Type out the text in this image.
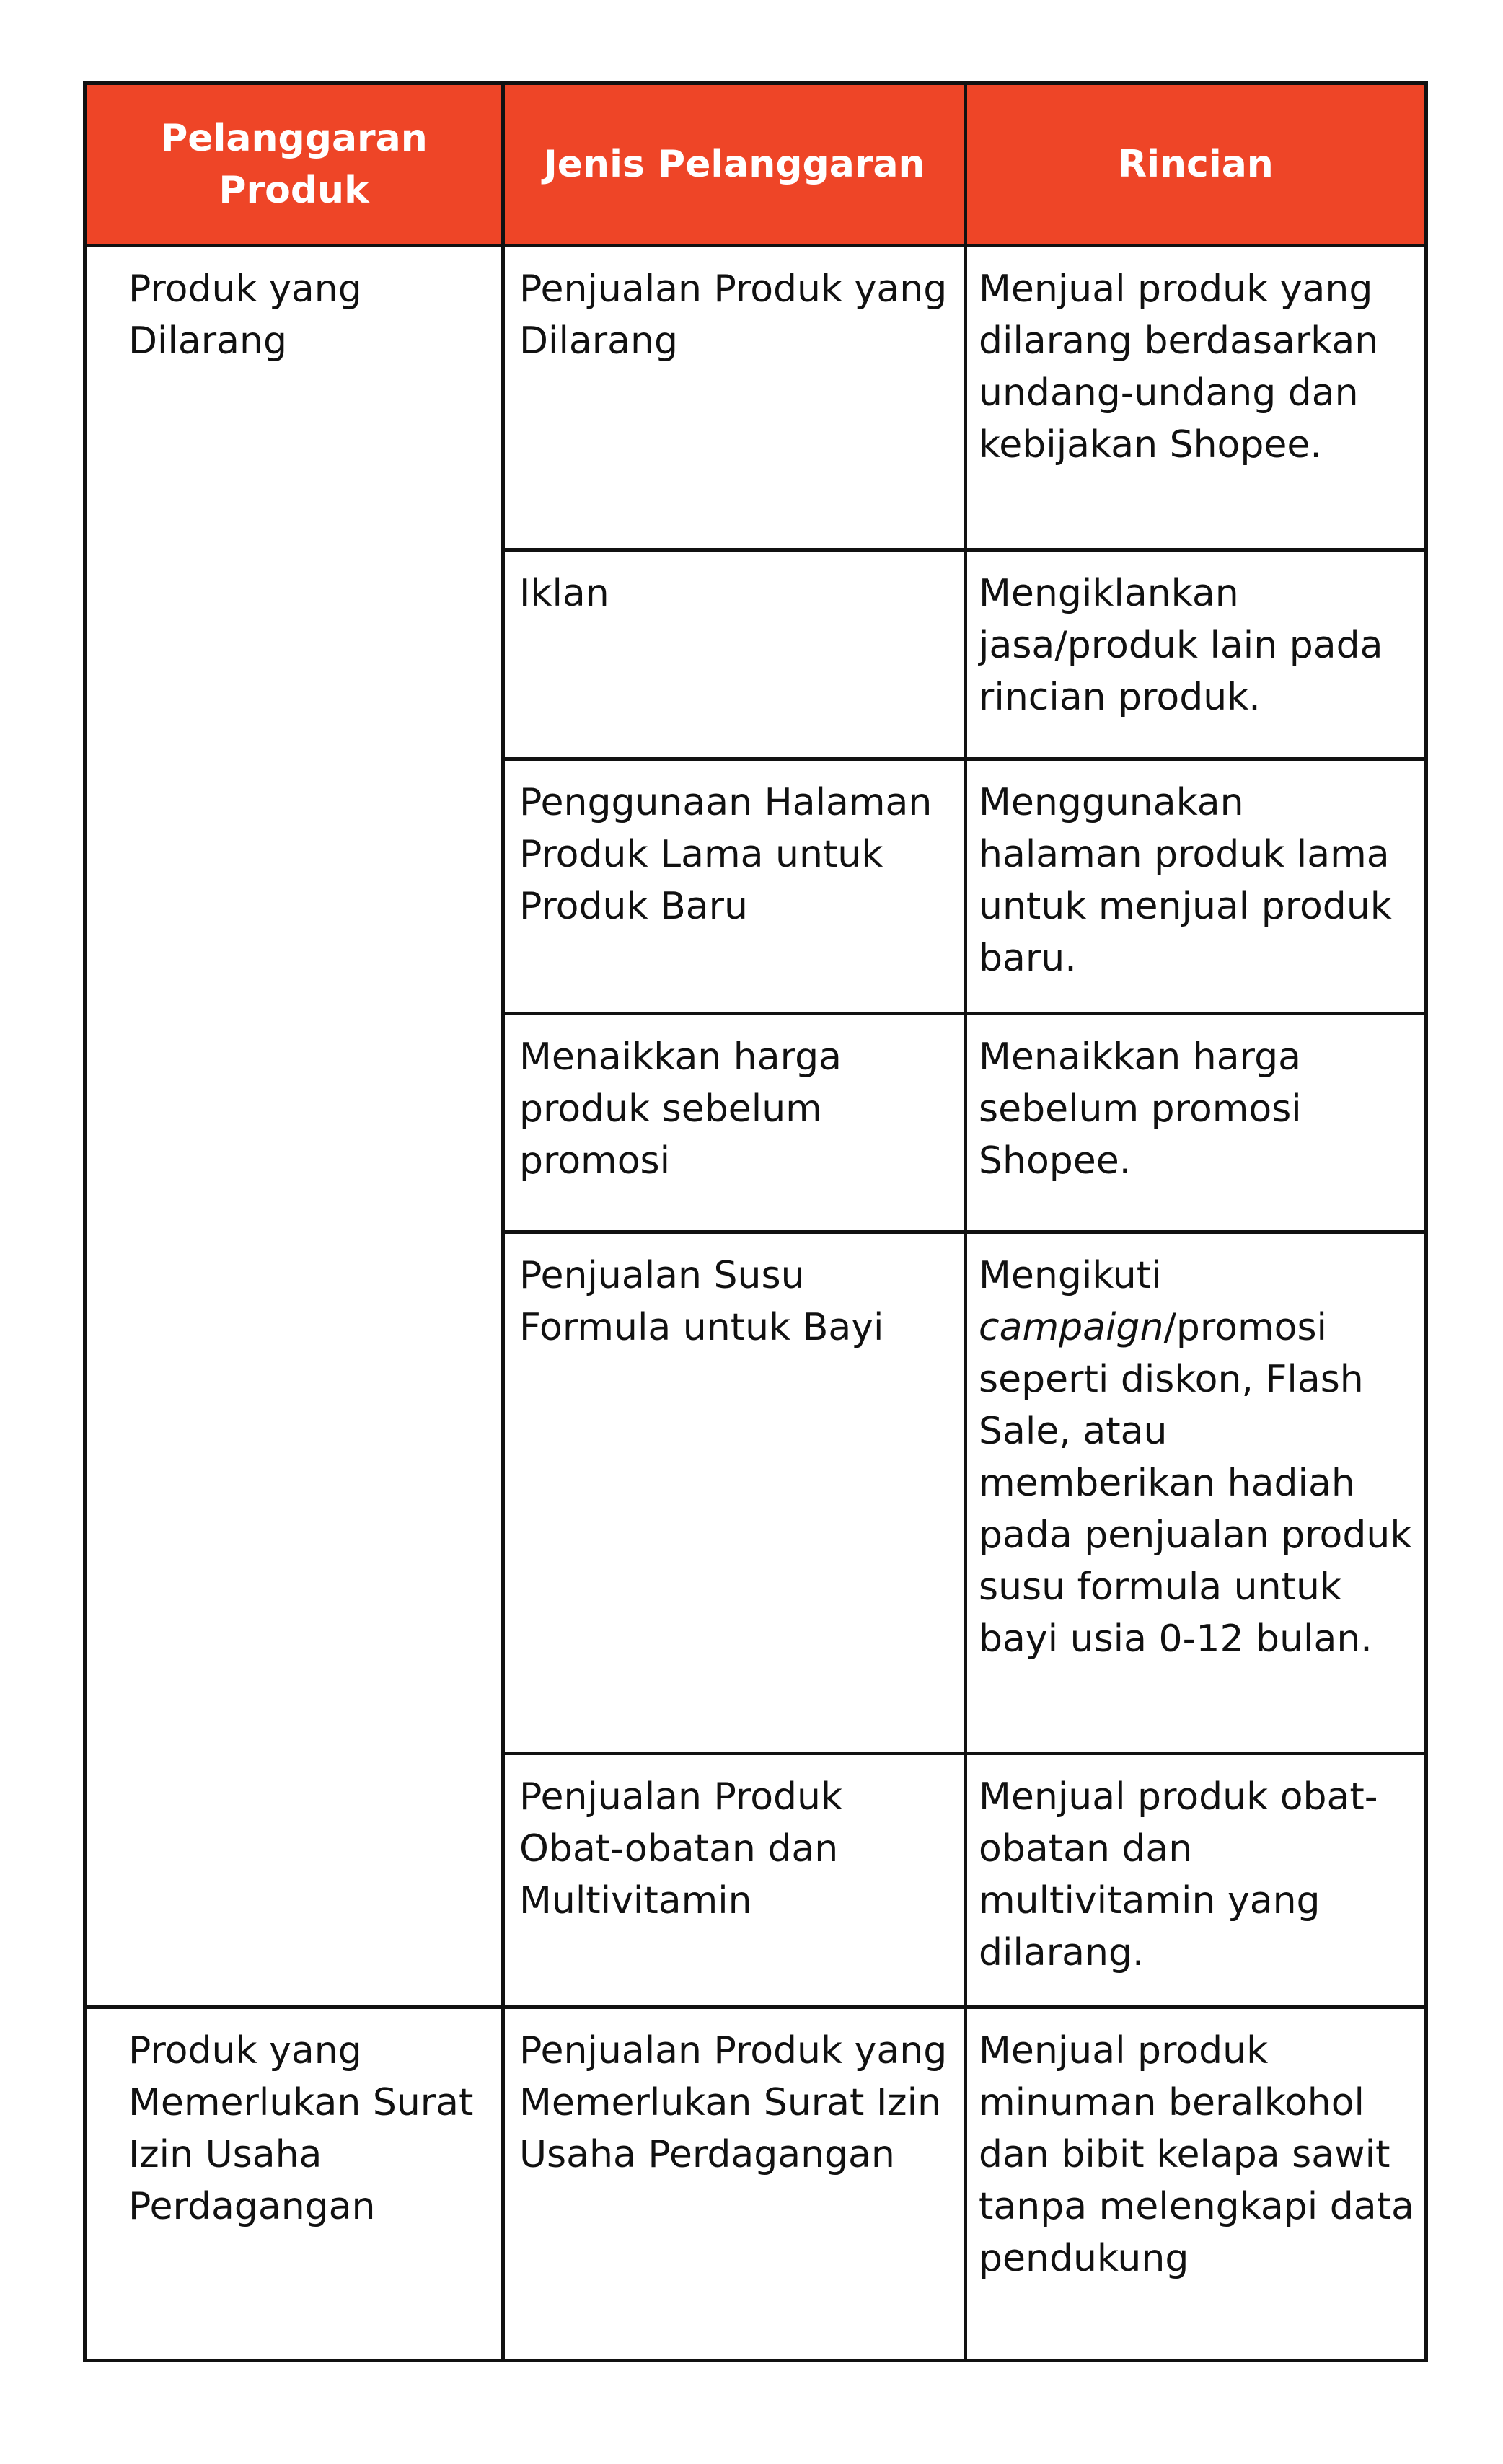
Pelanggaran Produk	Jenis Pelanggaran	Rincian
Produk yang Dilarang	Penjualan Produk yang Dilarang	Menjual produk yang dilarang berdasarkan undang-undang dan kebijakan Shopee.
	Iklan	Mengiklankan jasa/produk lain pada rincian produk.
	Penggunaan Halaman Produk Lama untuk Produk Baru	Menggunakan halaman produk lama untuk menjual produk baru.
	Menaikkan harga produk sebelum promosi	Menaikkan harga sebelum promosi Shopee.
	Penjualan Susu Formula untuk Bayi	Mengikuti campaign/promosi seperti diskon, Flash Sale, atau memberikan hadiah pada penjualan produk susu formula untuk bayi usia 0-12 bulan.
	Penjualan Produk Obat-obatan dan Multivitamin	Menjual produk obat-obatan dan multivitamin yang dilarang.
Produk yang Memerlukan Surat Izin Usaha Perdagangan	Penjualan Produk yang Memerlukan Surat Izin Usaha Perdagangan	Menjual produk minuman beralkohol dan bibit kelapa sawit tanpa melengkapi data pendukung
